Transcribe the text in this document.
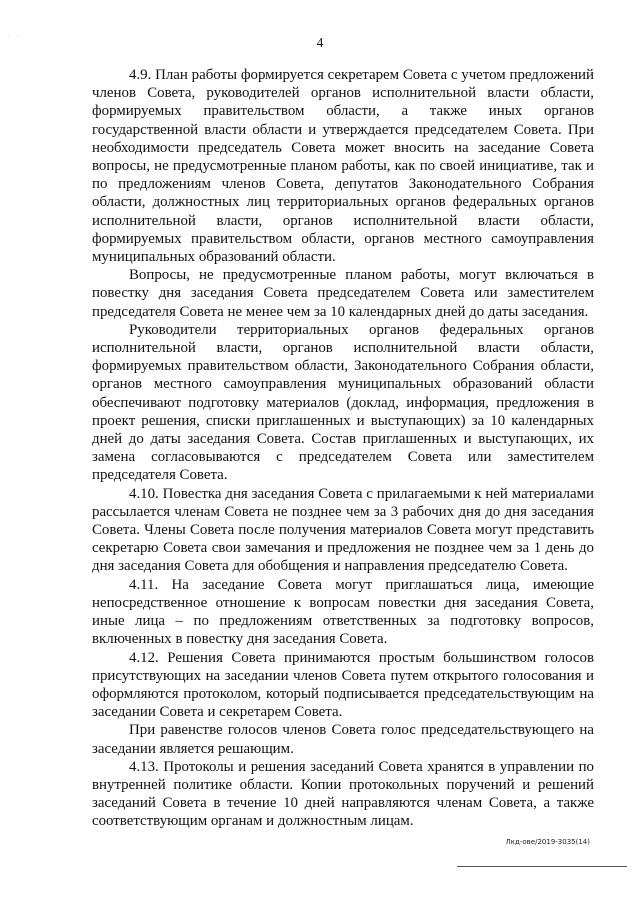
· ·	4

4.9. План работы формируется секретарем Совета с учетом предложений членов Совета, руководителей органов исполнительной власти области, формируемых правительством области, а также иных органов государственной власти области и утверждается председателем Совета. При необходимости председатель Совета может вносить на заседание Совета вопросы, не предусмотренные планом работы, как по своей инициативе, так и по предложениям членов Совета, депутатов Законодательного Собрания области, должностных лиц территориальных органов федеральных органов исполнительной власти, органов исполнительной власти области, формируемых правительством области, органов местного самоуправления муниципальных образований области.

Вопросы, не предусмотренные планом работы, могут включаться в повестку дня заседания Совета председателем Совета или заместителем председателя Совета не менее чем за 10 календарных дней до даты заседания.

Руководители территориальных органов федеральных органов исполнительной власти, органов исполнительной власти области, формируемых правительством области, Законодательного Собрания области, органов местного самоуправления муниципальных образований области обеспечивают подготовку материалов (доклад, информация, предложения в проект решения, списки приглашенных и выступающих) за 10 календарных дней до даты заседания Совета. Состав приглашенных и выступающих, их замена согласовываются с председателем Совета или заместителем председателя Совета.

4.10. Повестка дня заседания Совета с прилагаемыми к ней материалами рассылается членам Совета не позднее чем за 3 рабочих дня до дня заседания Совета. Члены Совета после получения материалов Совета могут представить секретарю Совета свои замечания и предложения не позднее чем за 1 день до дня заседания Совета для обобщения и направления председателю Совета.

4.11. На заседание Совета могут приглашаться лица, имеющие непосредственное отношение к вопросам повестки дня заседания Совета, иные лица – по предложениям ответственных за подготовку вопросов, включенных в повестку дня заседания Совета.

4.12. Решения Совета принимаются простым большинством голосов присутствующих на заседании членов Совета путем открытого голосования и оформляются протоколом, который подписывается председательствующим на заседании Совета и секретарем Совета.

При равенстве голосов членов Совета голос председательствующего на заседании является решающим.

4.13. Протоколы и решения заседаний Совета хранятся в управлении по внутренней политике области. Копии протокольных поручений и решений заседаний Совета в течение 10 дней направляются членам Совета, а также соответствующим органам и должностным лицам.

Лкд-ове/2019-3035(14)
